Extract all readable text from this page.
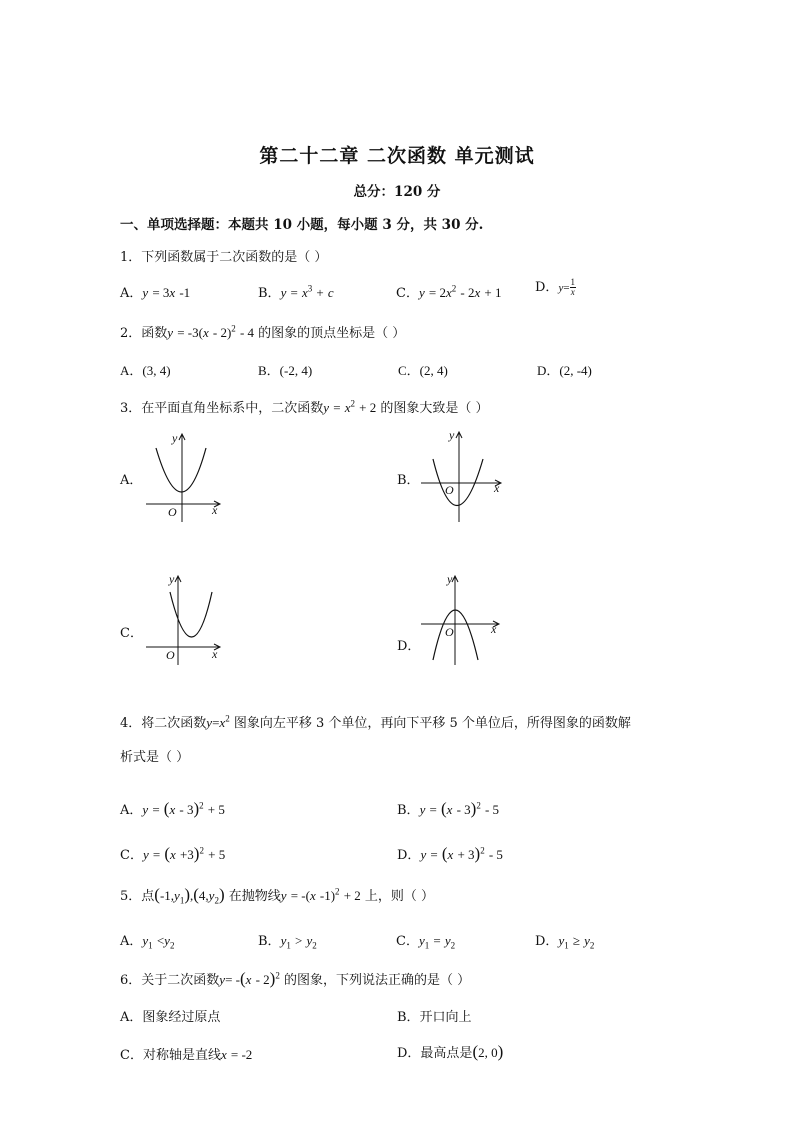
第二十二章 二次函数 单元测试
总分：120 分
一、单项选择题：本题共 10 小题，每小题 3 分，共 30 分.
1．下列函数属于二次函数的是（ ）
A．y = 3x -1	B．$y = x^3 + c$	C．$y = 2x^2 - 2x + 1$	D．$y= \frac{1}{x}$
2．函数y = -3(x - 2)$^2$ - 4 的图象的顶点坐标是（ ）
A．(3, 4)	B．(-2, 4)	C．(2, 4)	D．(2, -4)
3．在平面直角坐标系中，二次函数$y = x^2 + 2$ 的图象大致是（ ）
A．
O	x
y
B．
O	x
y
C．
O	x
y
D．
O	x
y
4．将二次函数$y=x^2$ 图象向左平移 3 个单位，再向下平移 5 个单位后，所得图象的函数解
析式是（ ）
A．y = (x - 3)$^2$ + 5	B．y = (x - 3)$^2$ - 5
C．$y = (x +3)^2 + 5$	D．$y = (x + 3)^2 - 5$
5．点$(-1,y_1),(4,y_2)$ 在抛物线y = -(x -1)$^2$ + 2 上，则（ ）
A．$y_1 <y_2$	B．$y_1 > y_2$	C．$y_1 = y_2$	D．$y_1 \ge y_2$
6．关于二次函数y= -(x - 2)$^2$ 的图象，下列说法正确的是（ ）
A．图象经过原点	B．开口向上
C．对称轴是直线x = -2	D．最高点是(2, 0)
